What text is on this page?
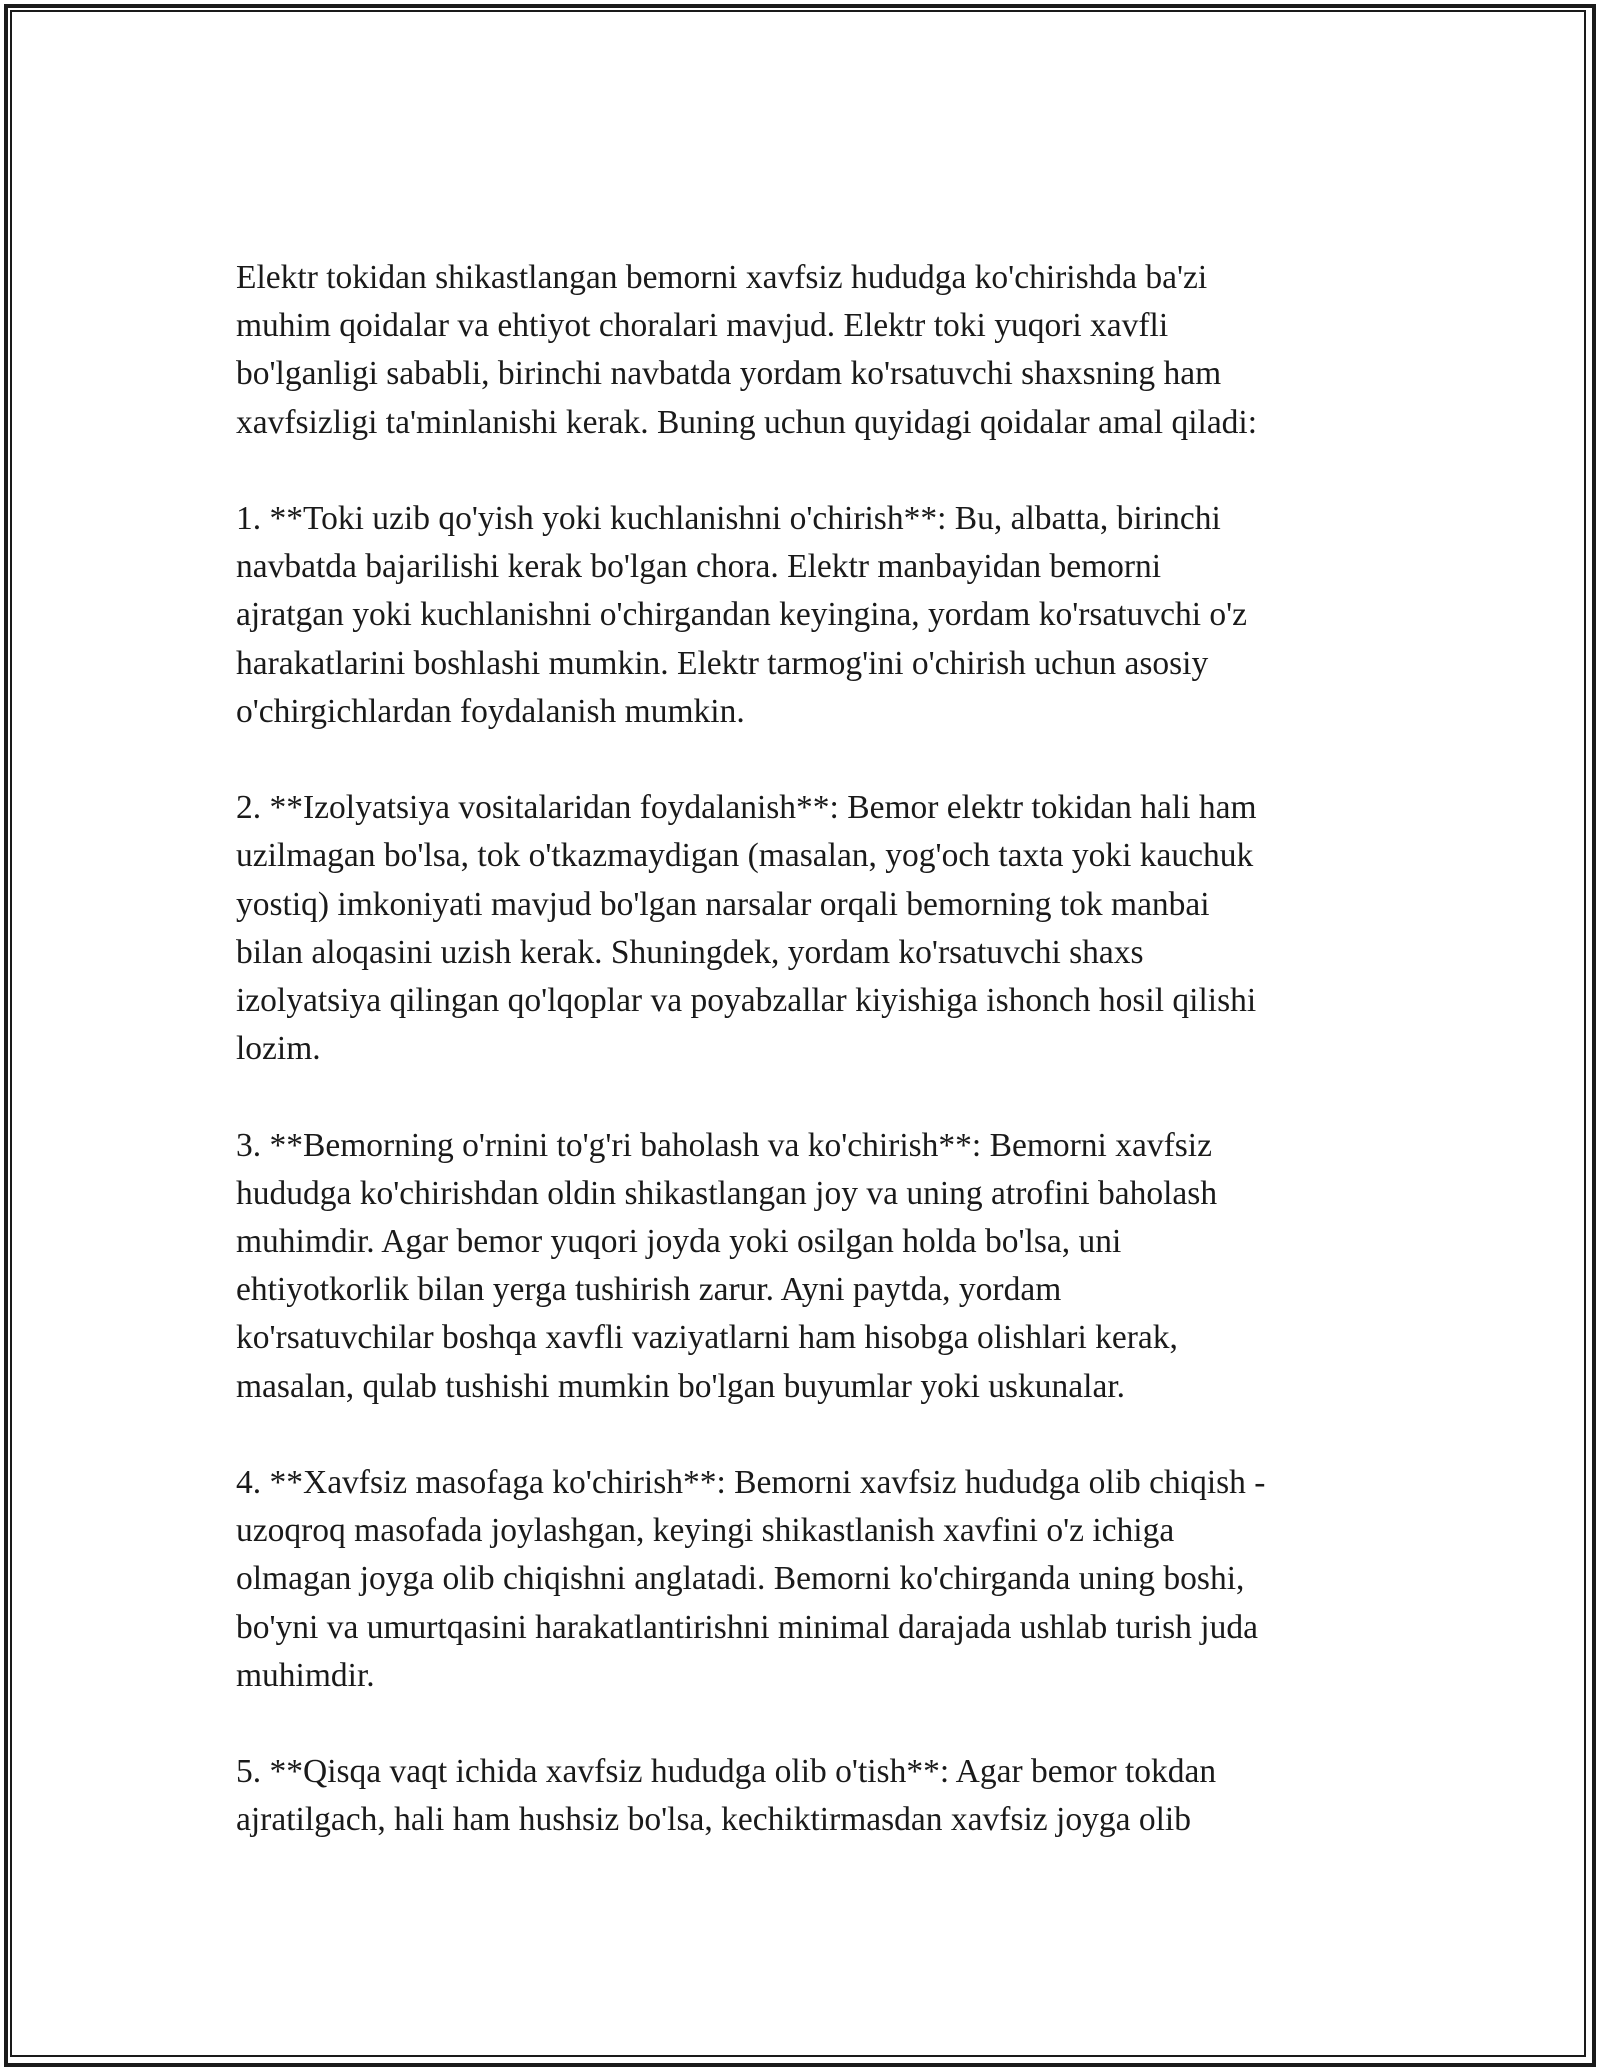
Elektr tokidan shikastlangan bemorni xavfsiz hududga ko'chirishda ba'zi
muhim qoidalar va ehtiyot choralari mavjud. Elektr toki yuqori xavfli
bo'lganligi sababli, birinchi navbatda yordam ko'rsatuvchi shaxsning ham
xavfsizligi ta'minlanishi kerak. Buning uchun quyidagi qoidalar amal qiladi:
1. **Toki uzib qo'yish yoki kuchlanishni o'chirish**: Bu, albatta, birinchi
navbatda bajarilishi kerak bo'lgan chora. Elektr manbayidan bemorni
ajratgan yoki kuchlanishni o'chirgandan keyingina, yordam ko'rsatuvchi o'z
harakatlarini boshlashi mumkin. Elektr tarmog'ini o'chirish uchun asosiy
o'chirgichlardan foydalanish mumkin.
2. **Izolyatsiya vositalaridan foydalanish**: Bemor elektr tokidan hali ham
uzilmagan bo'lsa, tok o'tkazmaydigan (masalan, yog'och taxta yoki kauchuk
yostiq) imkoniyati mavjud bo'lgan narsalar orqali bemorning tok manbai
bilan aloqasini uzish kerak. Shuningdek, yordam ko'rsatuvchi shaxs
izolyatsiya qilingan qo'lqoplar va poyabzallar kiyishiga ishonch hosil qilishi
lozim.
3. **Bemorning o'rnini to'g'ri baholash va ko'chirish**: Bemorni xavfsiz
hududga ko'chirishdan oldin shikastlangan joy va uning atrofini baholash
muhimdir. Agar bemor yuqori joyda yoki osilgan holda bo'lsa, uni
ehtiyotkorlik bilan yerga tushirish zarur. Ayni paytda, yordam
ko'rsatuvchilar boshqa xavfli vaziyatlarni ham hisobga olishlari kerak,
masalan, qulab tushishi mumkin bo'lgan buyumlar yoki uskunalar.
4. **Xavfsiz masofaga ko'chirish**: Bemorni xavfsiz hududga olib chiqish -
uzoqroq masofada joylashgan, keyingi shikastlanish xavfini o'z ichiga
olmagan joyga olib chiqishni anglatadi. Bemorni ko'chirganda uning boshi,
bo'yni va umurtqasini harakatlantirishni minimal darajada ushlab turish juda
muhimdir.
5. **Qisqa vaqt ichida xavfsiz hududga olib o'tish**: Agar bemor tokdan
ajratilgach, hali ham hushsiz bo'lsa, kechiktirmasdan xavfsiz joyga olib
